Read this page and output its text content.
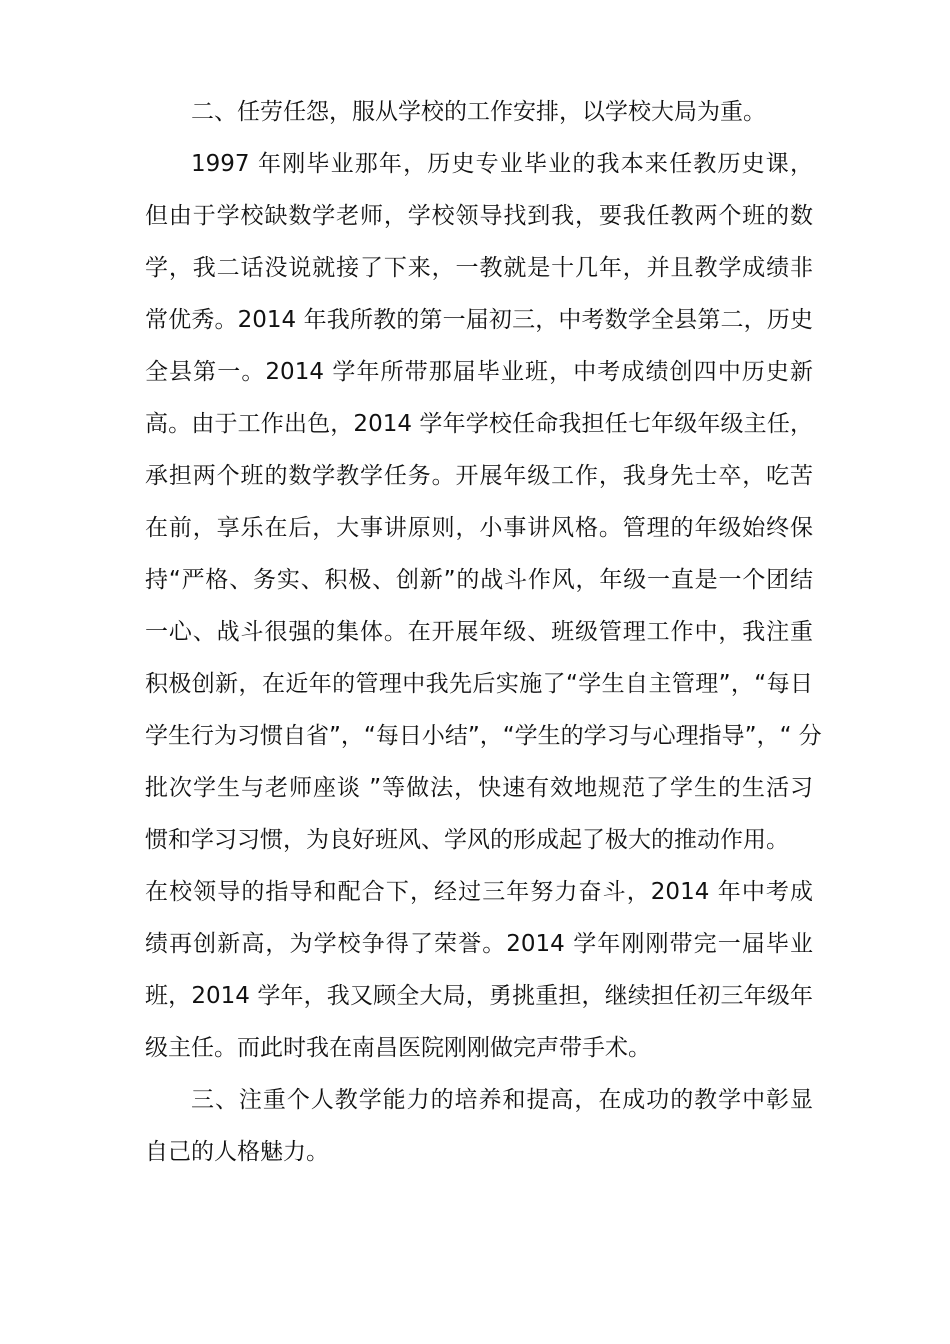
二、任劳任怨，服从学校的工作安排，以学校大局为重。
1997 年刚毕业那年，历史专业毕业的我本来任教历史课，
但由于学校缺数学老师，学校领导找到我，要我任教两个班的数
学，我二话没说就接了下来，一教就是十几年，并且教学成绩非
常优秀。2014 年我所教的第一届初三，中考数学全县第二，历史
全县第一。2014 学年所带那届毕业班，中考成绩创四中历史新
高。由于工作出色，2014 学年学校任命我担任七年级年级主任，
承担两个班的数学教学任务。开展年级工作，我身先士卒，吃苦
在前，享乐在后，大事讲原则，小事讲风格。管理的年级始终保
持“严格、务实、积极、创新”的战斗作风，年级一直是一个团结
一心、战斗很强的集体。在开展年级、班级管理工作中，我注重
积极创新，在近年的管理中我先后实施了“学生自主管理”，“每日
学生行为习惯自省”，“每日小结”，“学生的学习与心理指导”，“ 分
批次学生与老师座谈 ”等做法，快速有效地规范了学生的生活习
惯和学习习惯，为良好班风、学风的形成起了极大的推动作用。
在校领导的指导和配合下，经过三年努力奋斗，2014 年中考成
绩再创新高，为学校争得了荣誉。2014 学年刚刚带完一届毕业
班，2014 学年，我又顾全大局，勇挑重担，继续担任初三年级年
级主任。而此时我在南昌医院刚刚做完声带手术。
三、注重个人教学能力的培养和提高，在成功的教学中彰显
自己的人格魅力。
